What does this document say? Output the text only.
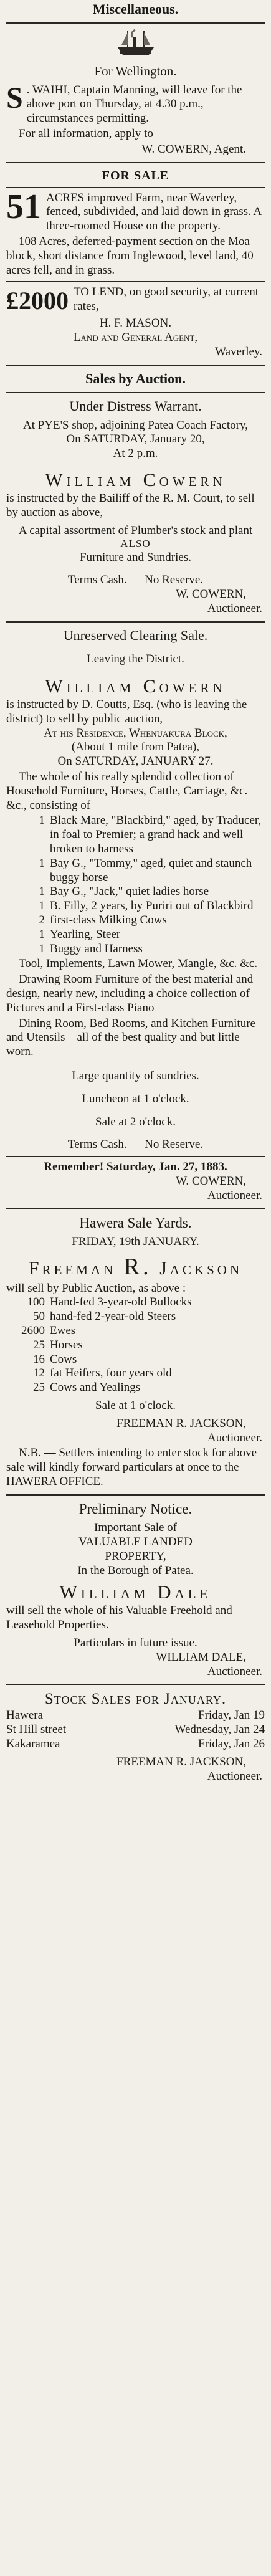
Miscellaneous.
For Wellington.
S . WAIHI, Captain Manning, will leave for the above port on Thursday, at 4.30 p.m., circumstances permitting.
For all information, apply to
W. COWERN, Agent.
FOR SALE
51 ACRES improved Farm, near Waverley, fenced, subdivided, and laid down in grass. A three-roomed House on the property.
108 Acres, deferred-payment section on the Moa block, short distance from Inglewood, level land, 40 acres fell, and in grass.
£2000 TO LEND, on good security, at current rates,
H. F. MASON.
Land and General Agent,
Waverley.
Sales by Auction.
Under Distress Warrant.
At PYE'S shop, adjoining Patea Coach Factory,
On SATURDAY, January 20,
At 2 p.m.
William Cowern
is instructed by the Bailiff of the R. M. Court, to sell by auction as above,
A capital assortment of Plumber's stock and plant
ALSO
Furniture and Sundries.
Terms Cash.      No Reserve.
W. COWERN,
Auctioneer.
Unreserved Clearing Sale.
Leaving the District.
William Cowern
is instructed by D. Coutts, Esq. (who is leaving the district) to sell by public auction,
At his Residence, Whenuakura Block,
(About 1 mile from Patea),
On SATURDAY, JANUARY 27.
The whole of his really splendid collection of Household Furniture, Horses, Cattle, Carriage, &c. &c., consisting of
1 Black Mare, "Blackbird," aged, by Traducer, in foal to Premier; a grand hack and well broken to harness
1 Bay G., "Tommy," aged, quiet and staunch buggy horse
1 Bay G., "Jack," quiet ladies horse
1 B. Filly, 2 years, by Puriri out of Blackbird
2 first-class Milking Cows
1 Yearling, Steer
1 Buggy and Harness
Tool, Implements, Lawn Mower, Mangle, &c. &c.
Drawing Room Furniture of the best material and design, nearly new, including a choice collection of Pictures and a First-class Piano
Dining Room, Bed Rooms, and Kitchen Furniture and Utensils—all of the best quality and but little worn.
Large quantity of sundries.
Luncheon at 1 o'clock.
Sale at 2 o'clock.
Terms Cash.      No Reserve.
Remember! Saturday, Jan. 27, 1883.
W. COWERN,
Auctioneer.
Hawera Sale Yards.
FRIDAY, 19th JANUARY.
Freeman R. Jackson
will sell by Public Auction, as above :—
100 Hand-fed 3-year-old Bullocks
50 hand-fed 2-year-old Steers
2600 Ewes
25 Horses
16 Cows
12 fat Heifers, four years old
25 Cows and Yealings
Sale at 1 o'clock.
FREEMAN R. JACKSON,
Auctioneer.
N.B. — Settlers intending to enter stock for above sale will kindly forward particulars at once to the HAWERA OFFICE.
Preliminary Notice.
Important Sale of
VALUABLE LANDED
PROPERTY,
In the Borough of Patea.
William Dale
will sell the whole of his Valuable Freehold and Leasehold Properties.
Particulars in future issue.
WILLIAM DALE,
Auctioneer.
Stock Sales for January.
Hawera	Friday, Jan 19
St Hill street	Wednesday, Jan 24
Kakaramea	Friday, Jan 26
FREEMAN R. JACKSON,
Auctioneer.
